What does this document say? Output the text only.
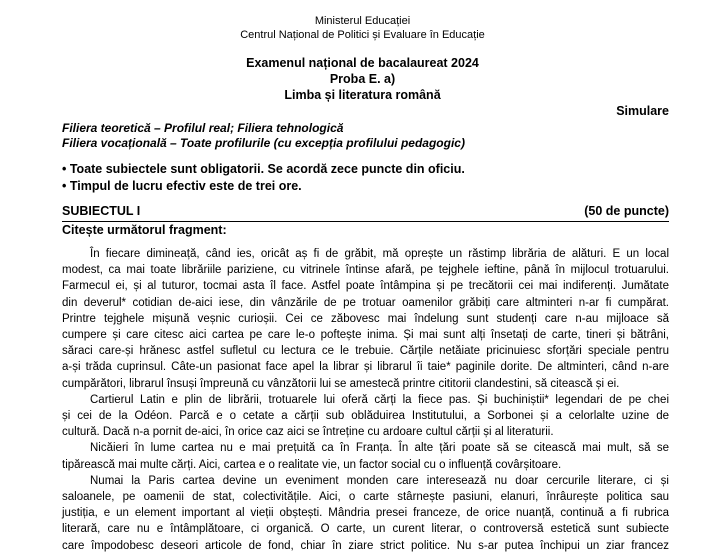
Ministerul Educației
Centrul Național de Politici și Evaluare în Educație
Examenul național de bacalaureat 2024
Proba E. a)
Limba și literatura română
Simulare
Filiera teoretică – Profilul real; Filiera tehnologică
Filiera vocațională – Toate profilurile (cu excepția profilului pedagogic)
• Toate subiectele sunt obligatorii. Se acordă zece puncte din oficiu.
• Timpul de lucru efectiv este de trei ore.
SUBIECTUL I	(50 de puncte)
Citește următorul fragment:

În fiecare dimineață, când ies, oricât aș fi de grăbit, mă oprește un răstimp librăria de alături. E un local
modest, ca mai toate librăriile pariziene, cu vitrinele întinse afară, pe tejghele ieftine, până în mijlocul trotuarului.
Farmecul ei, și al tuturor, tocmai asta îl face. Astfel poate întâmpina și pe trecătorii cei mai indiferenți. Jumătate
din deverul* cotidian de-aici iese, din vânzările de pe trotuar oamenilor grăbiți care altminteri n-ar fi cumpărat.
Printre tejghele mișună veșnic curioșii. Cei ce zăbovesc mai îndelung sunt studenți care n-au mijloace să
cumpere și care citesc aici cartea pe care le-o poftește inima. Și mai sunt alți însetați de carte, tineri și bătrâni,
săraci care-și hrănesc astfel sufletul cu lectura ce le trebuie. Cărțile netăiate pricinuiesc sforțări speciale pentru
a-și trăda cuprinsul. Câte-un pasionat face apel la librar și librarul îi taie* paginile dorite. De altminteri, când n-are
cumpărători, librarul însuși împreună cu vânzătorii lui se amestecă printre cititorii clandestini, să citească și ei.

Cartierul Latin e plin de librării, trotuarele lui oferă cărți la fiece pas. Și buchiniștii* legendari de pe chei
și cei de la Odéon. Parcă e o cetate a cărții sub oblăduirea Institutului, a Sorbonei și a celorlalte uzine de
cultură. Dacă n-a pornit de-aici, în orice caz aici se întreține cu ardoare cultul cărții și al literaturii.

Nicăieri în lume cartea nu e mai prețuită ca în Franța. În alte țări poate să se citească mai mult, să se
tipărească mai multe cărți. Aici, cartea e o realitate vie, un factor social cu o influență covârșitoare.

Numai la Paris cartea devine un eveniment monden care interesează nu doar cercurile literare, ci și
saloanele, pe oamenii de stat, colectivitățile. Aici, o carte stârnește pasiuni, elanuri, înrâurește politica sau
justiția, e un element important al vieții obștești. Mândria presei franceze, de orice nuanță, continuă a fi rubrica
literară, care nu e întâmplătoare, ci organică. O carte, un curent literar, o controversă estetică sunt subiecte
care împodobesc deseori articole de fond, chiar în ziare strict politice. Nu s-ar putea închipui un ziar francez
